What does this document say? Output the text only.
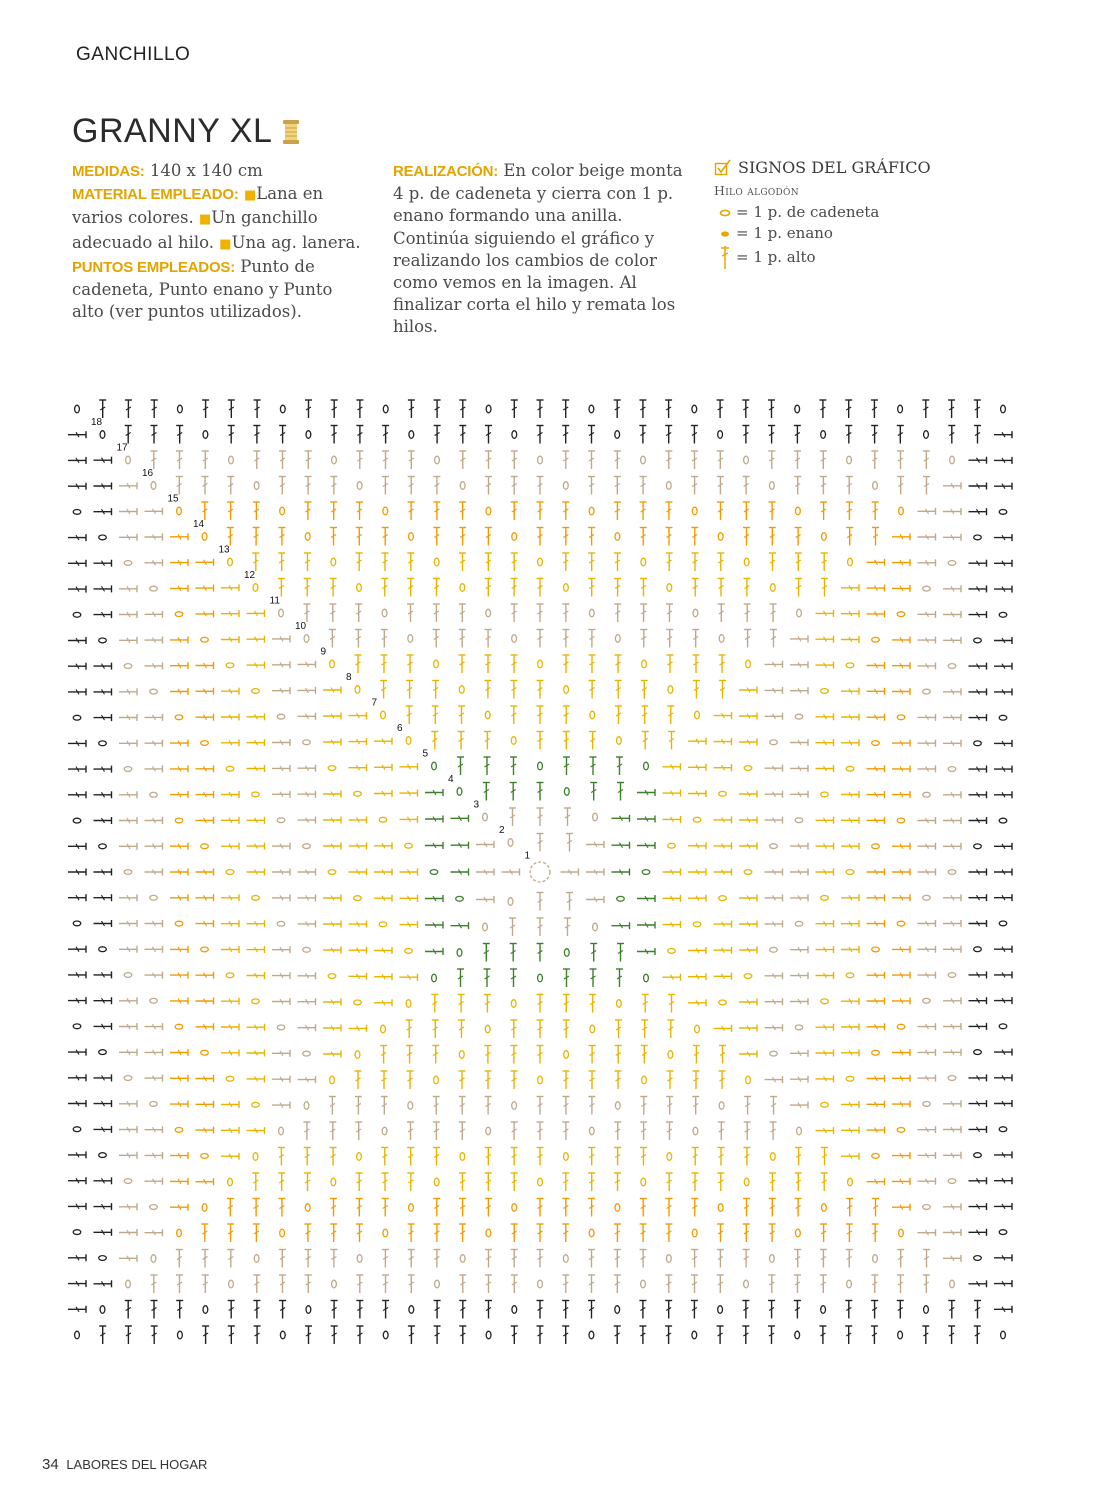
GANCHILLO
GRANNY XL
MEDIDAS: 140 x 140 cm
MATERIAL EMPLEADO: ■Lana en varios colores. ■Un ganchillo adecuado al hilo. ■Una ag. lanera.
PUNTOS EMPLEADOS: Punto de cadeneta, Punto enano y Punto alto (ver puntos utilizados).
REALIZACIÓN: En color beige monta 4 p. de cadeneta y cierra con 1 p. enano formando una anilla. Continúa siguiendo el gráfico y realizando los cambios de color como vemos en la imagen. Al finalizar corta el hilo y remata los hilos.
SIGNOS DEL GRÁFICO
Hilo algodón
= 1 p. de cadeneta
= 1 p. enano
= 1 p. alto
1
2
3
4
5
6
7
8
9
10
11
12
13
14
15
16
17
18
34 LABORES DEL HOGAR
